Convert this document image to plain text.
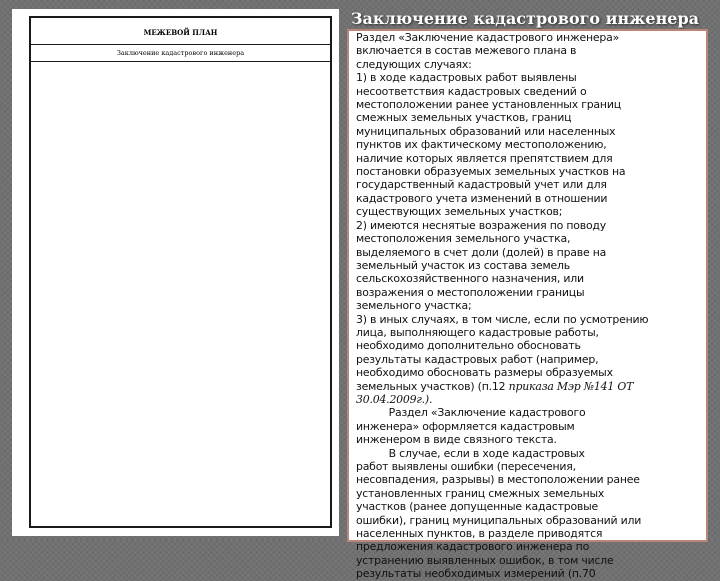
Заключение кадастрового инженера
МЕЖЕВОЙ ПЛАН
Заключение кадастрового инженера

Раздел «Заключение кадастрового инженера»
включается в состав межевого плана в
следующих случаях:
1) в ходе кадастровых работ выявлены
несоответствия кадастровых сведений о
местоположении ранее установленных границ
смежных земельных участков, границ
муниципальных образований или населенных
пунктов их фактическому местоположению,
наличие которых является препятствием для
постановки образуемых земельных участков на
государственный кадастровый учет или для
кадастрового учета изменений в отношении
существующих земельных участков;
2) имеются неснятые возражения по поводу
местоположения земельного участка,
выделяемого в счет доли (долей) в праве на
земельный участок из состава земель
сельскохозяйственного назначения, или
возражения о местоположении границы
земельного участка;
3) в иных случаях, в том числе, если по усмотрению
лица, выполняющего кадастровые работы,
необходимо дополнительно обосновать
результаты кадастровых работ (например,
необходимо обосновать размеры образуемых
земельных участков) (п.12 приказа Мэр №141 ОТ
30.04.2009г.).
Раздел «Заключение кадастрового
инженера» оформляется кадастровым
инженером в виде связного текста.
В случае, если в ходе кадастровых
работ выявлены ошибки (пересечения,
несовпадения, разрывы) в местоположении ранее
установленных границ смежных земельных
участков (ранее допущенные кадастровые
ошибки), границ муниципальных образований или
населенных пунктов, в разделе приводятся
предложения кадастрового инженера по
устранению выявленных ошибок, в том числе
результаты необходимых измерений (п.70
